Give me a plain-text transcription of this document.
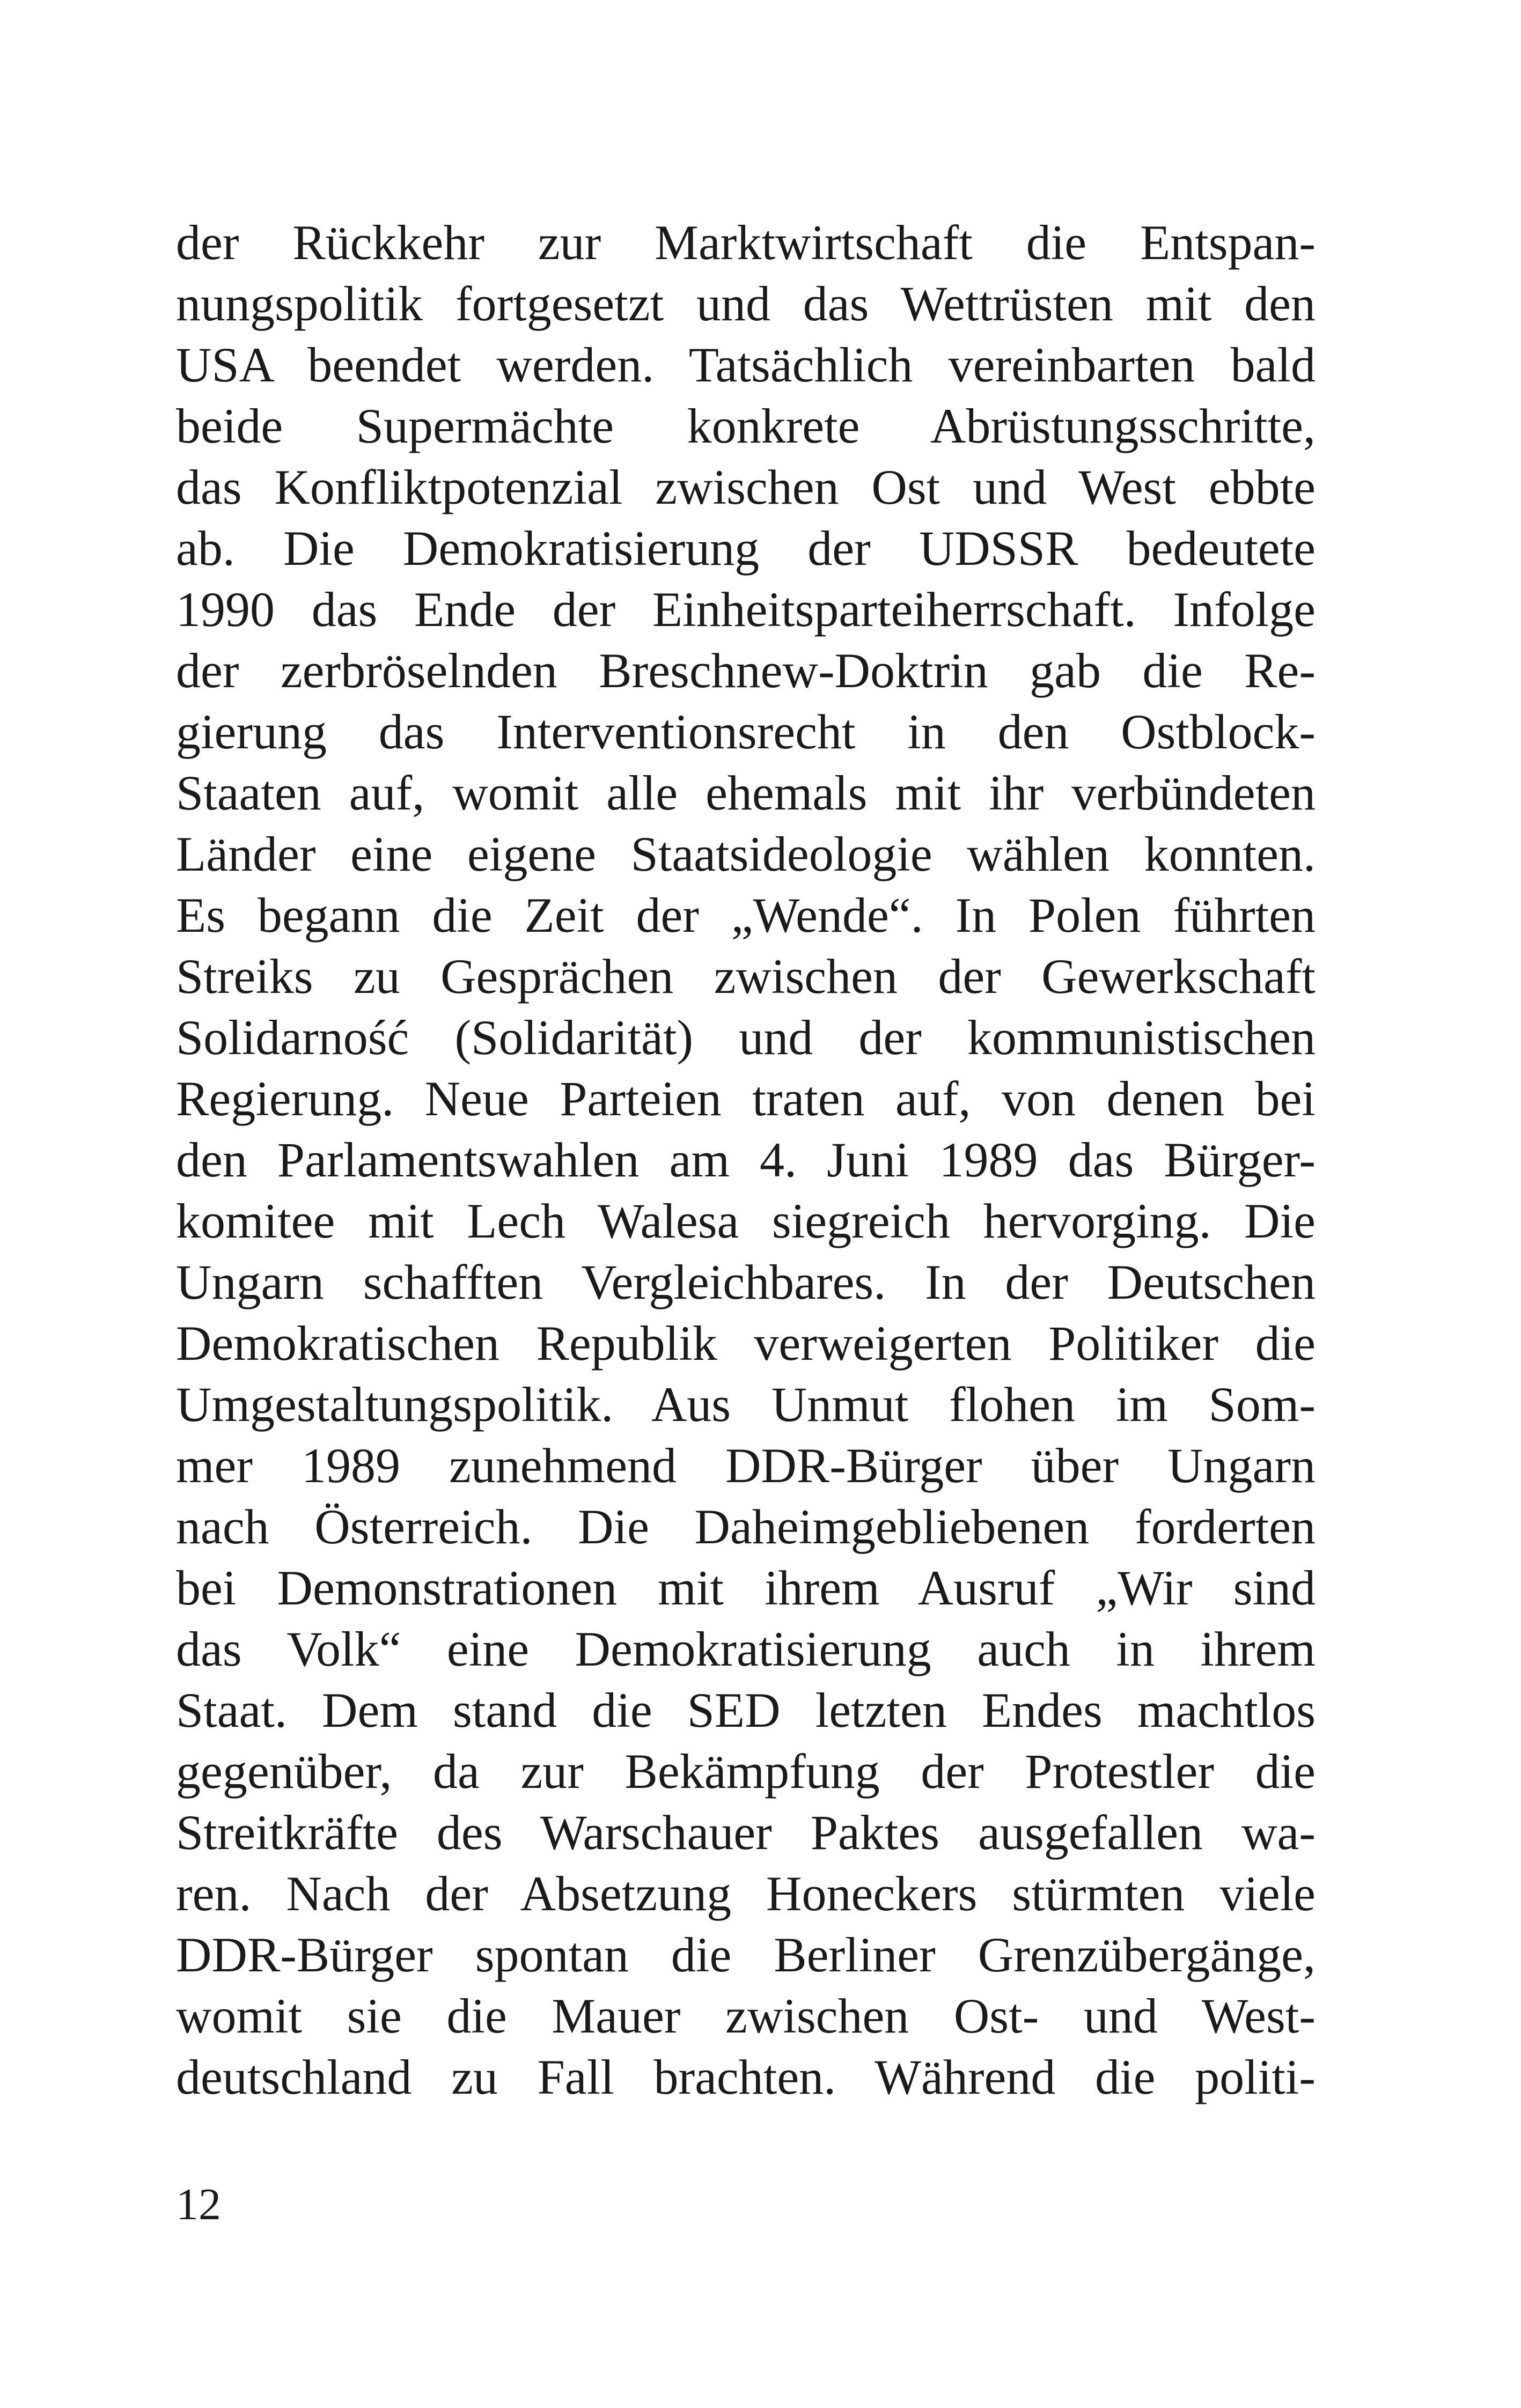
der Rückkehr zur Marktwirtschaft die Entspan-
nungspolitik fortgesetzt und das Wettrüsten mit den
USA beendet werden. Tatsächlich vereinbarten bald
beide Supermächte konkrete Abrüstungsschritte,
das Konfliktpotenzial zwischen Ost und West ebbte
ab. Die Demokratisierung der UDSSR bedeutete
1990 das Ende der Einheitsparteiherrschaft. Infolge
der zerbröselnden Breschnew-Doktrin gab die Re-
gierung das Interventionsrecht in den Ostblock-
Staaten auf, womit alle ehemals mit ihr verbündeten
Länder eine eigene Staatsideologie wählen konnten.
Es begann die Zeit der „Wende“. In Polen führten
Streiks zu Gesprächen zwischen der Gewerkschaft
Solidarność (Solidarität) und der kommunistischen
Regierung. Neue Parteien traten auf, von denen bei
den Parlamentswahlen am 4. Juni 1989 das Bürger-
komitee mit Lech Walesa siegreich hervorging. Die
Ungarn schafften Vergleichbares. In der Deutschen
Demokratischen Republik verweigerten Politiker die
Umgestaltungspolitik. Aus Unmut flohen im Som-
mer 1989 zunehmend DDR-Bürger über Ungarn
nach Österreich. Die Daheimgebliebenen forderten
bei Demonstrationen mit ihrem Ausruf „Wir sind
das Volk“ eine Demokratisierung auch in ihrem
Staat. Dem stand die SED letzten Endes machtlos
gegenüber, da zur Bekämpfung der Protestler die
Streitkräfte des Warschauer Paktes ausgefallen wa-
ren. Nach der Absetzung Honeckers stürmten viele
DDR-Bürger spontan die Berliner Grenzübergänge,
womit sie die Mauer zwischen Ost- und West-
deutschland zu Fall brachten. Während die politi-
12
